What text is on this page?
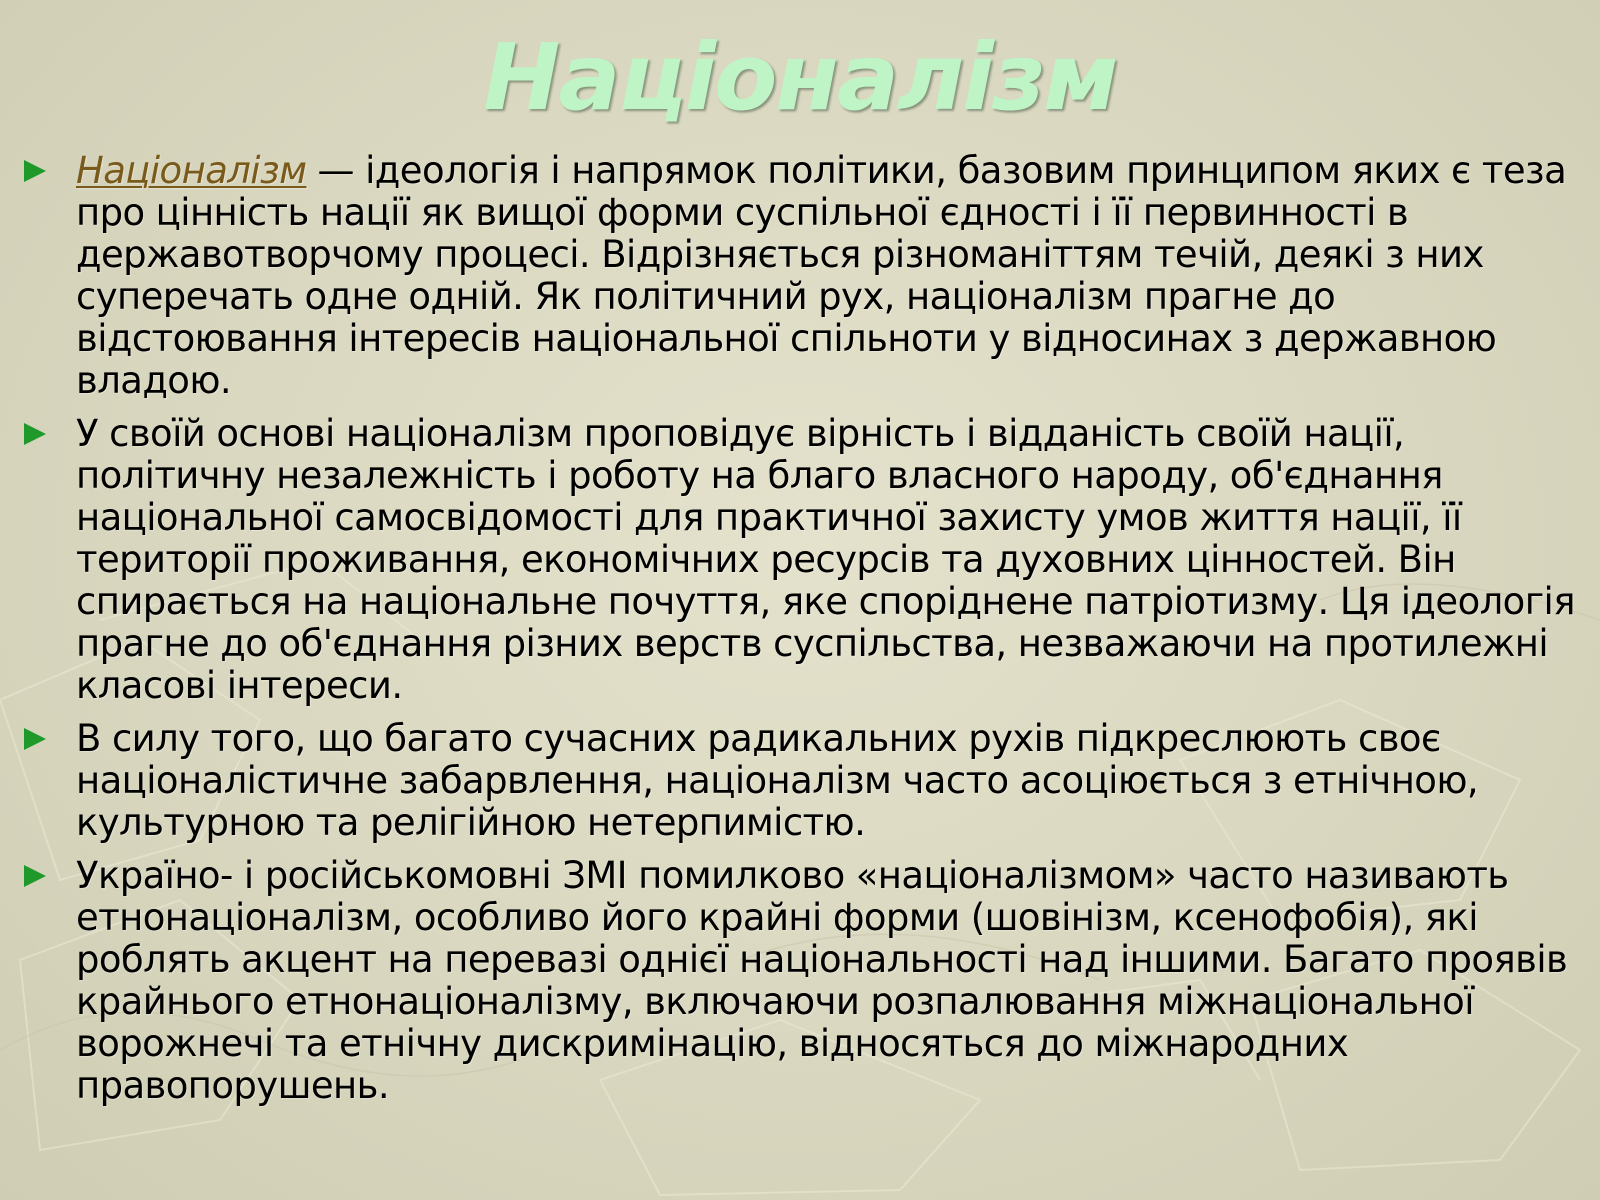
Націоналізм
Націоналізм — ідеологія і напрямок політики, базовим принципом яких є теза про цінність нації як вищої форми суспільної єдності і її первинності в державотворчому процесі. Відрізняється різноманіттям течій, деякі з них суперечать одне одній. Як політичний рух, націоналізм прагне до відстоювання інтересів національної спільноти у відносинах з державною владою.
У своїй основі націоналізм проповідує вірність і відданість своїй нації, політичну незалежність і роботу на благо власного народу, об'єднання національної самосвідомості для практичної захисту умов життя нації, її території проживання, економічних ресурсів та духовних цінностей. Він спирається на національне почуття, яке споріднене патріотизму. Ця ідеологія прагне до об'єднання різних верств суспільства, незважаючи на протилежні класові інтереси.
В силу того, що багато сучасних радикальних рухів підкреслюють своє націоналістичне забарвлення, націоналізм часто асоціюється з етнічною, культурною та релігійною нетерпимістю.
Україно- і російськомовні ЗМІ помилково «націоналізмом» часто називають етнонаціоналізм, особливо його крайні форми (шовінізм, ксенофобія), які роблять акцент на перевазі однієї національності над іншими. Багато проявів крайнього етнонаціоналізму, включаючи розпалювання міжнаціональної ворожнечі та етнічну дискримінацію, відносяться до міжнародних правопорушень.
